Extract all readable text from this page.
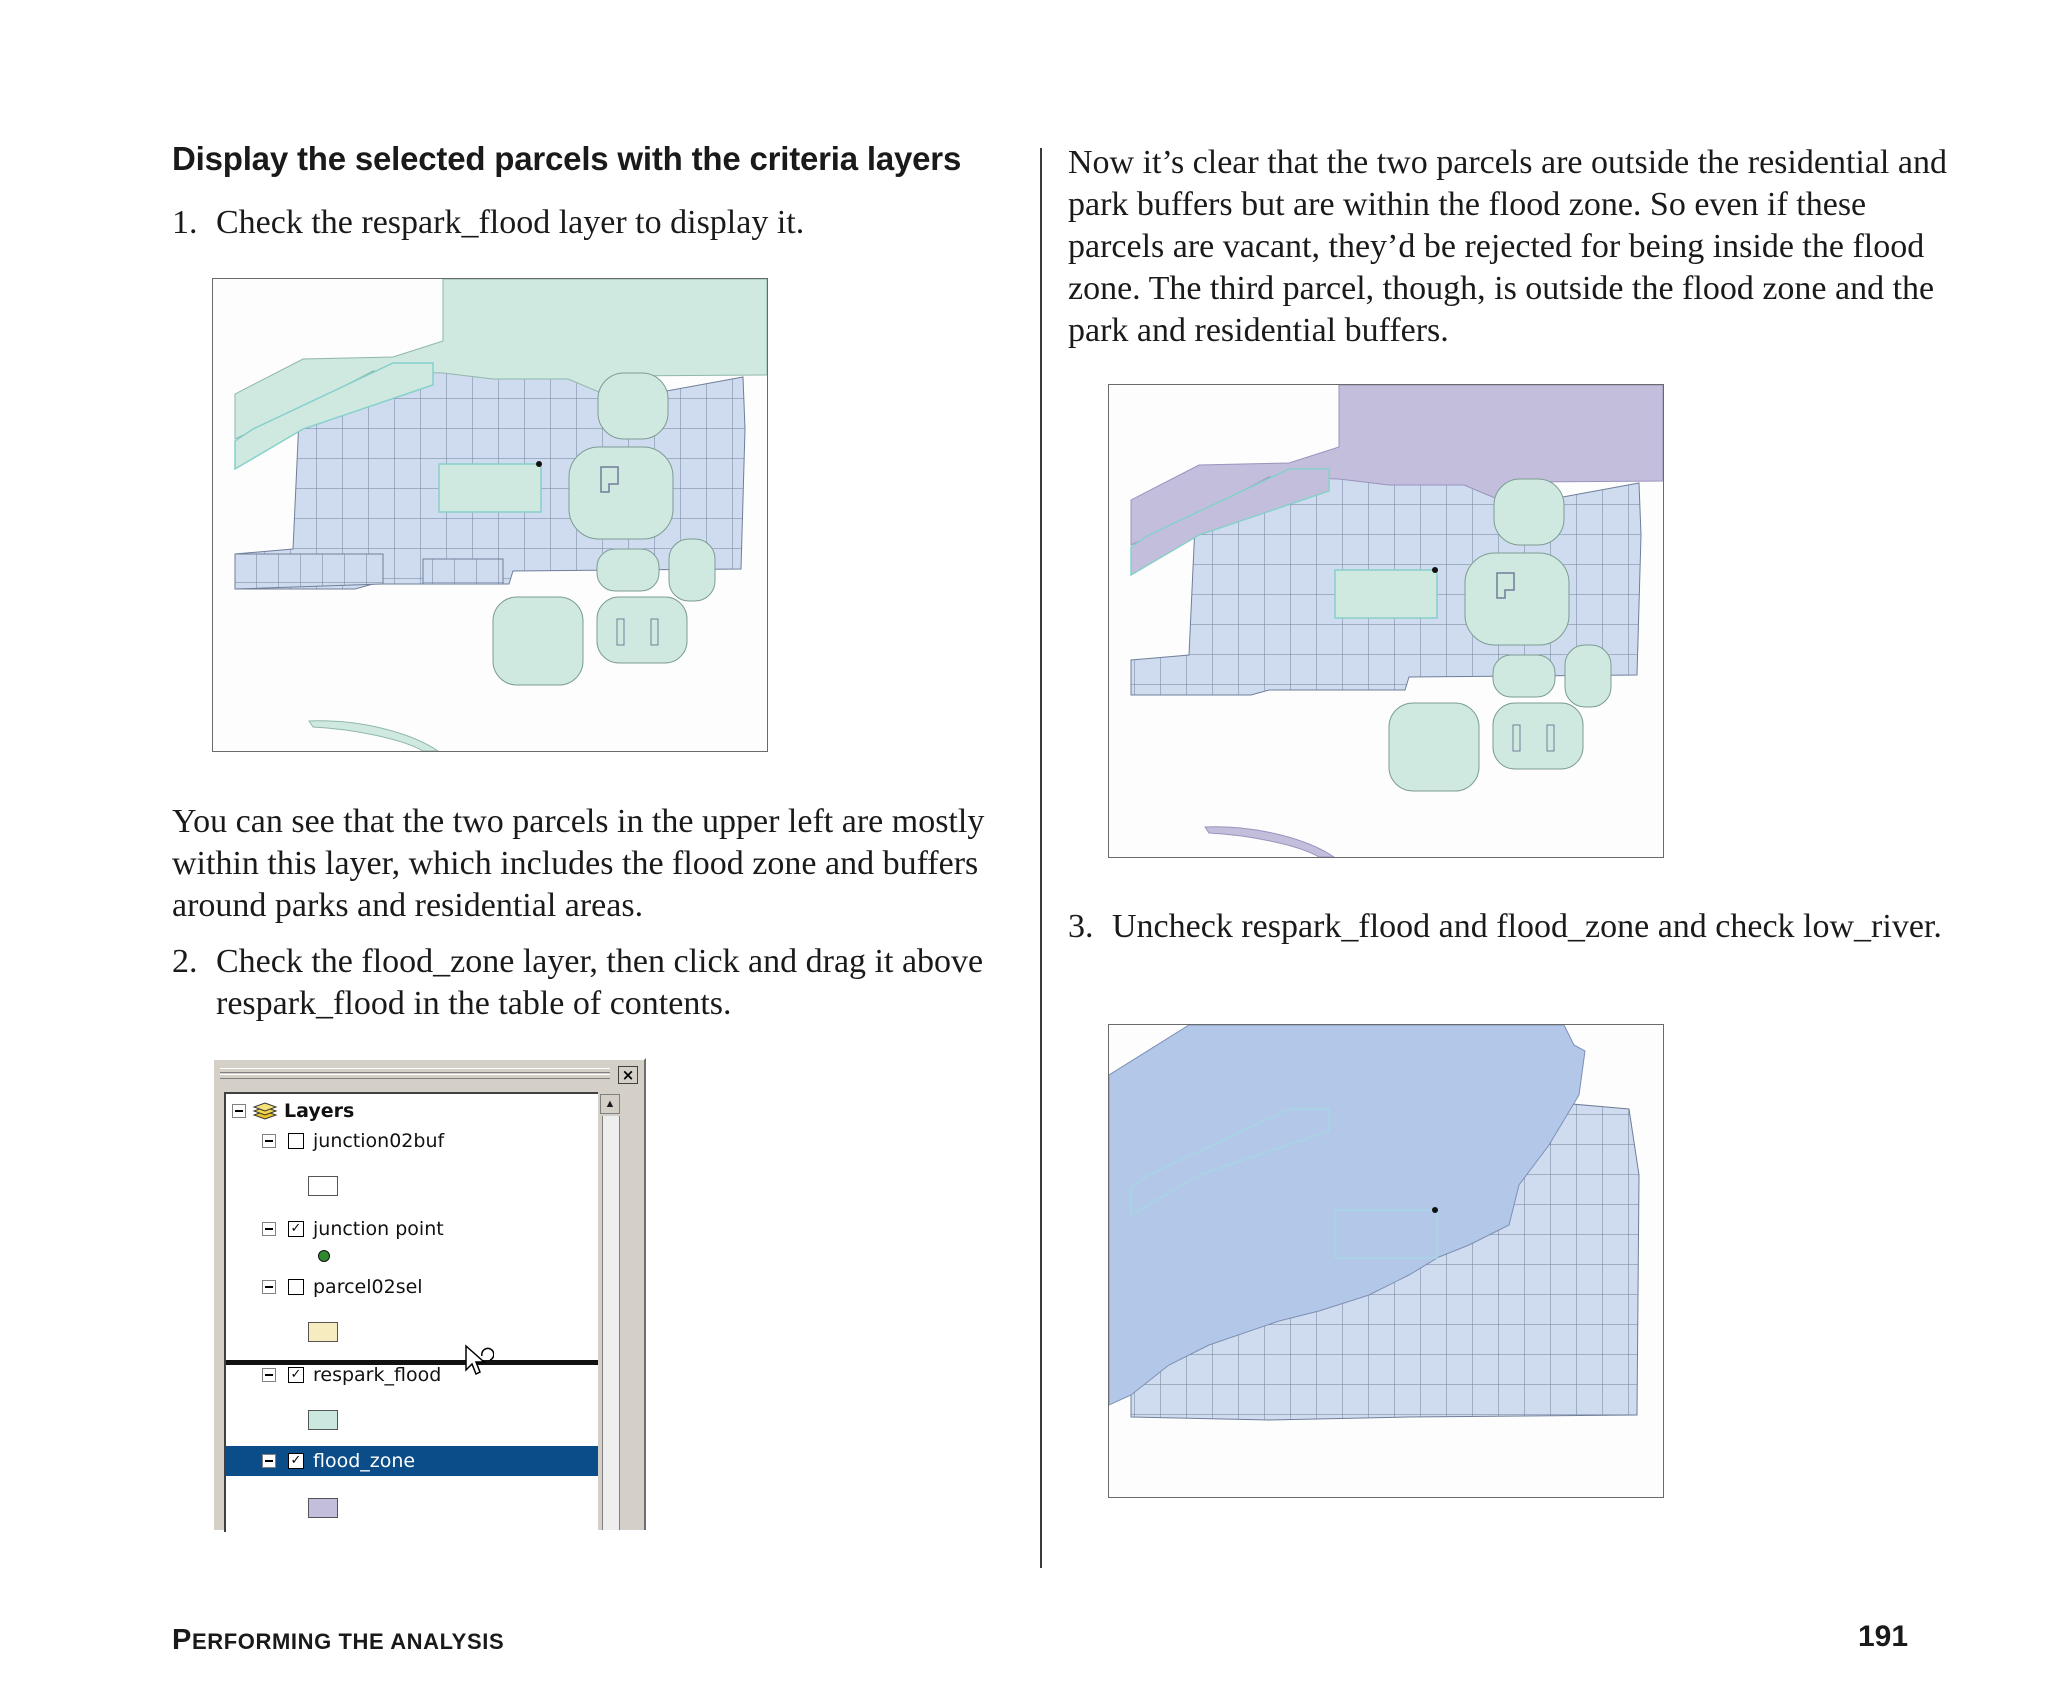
Display the selected parcels with the criteria layers
1. Check the respark_flood layer to display it.
You can see that the two parcels in the upper left are mostly within this layer, which includes the flood zone and buffers around parks and residential areas.
2. Check the flood_zone layer, then click and drag it above respark_flood in the table of contents.
×
Layers
junction02buf
✓ junction point
parcel02sel
✓ respark_flood
✓ flood_zone
▲
Now it’s clear that the two parcels are outside the residential and park buffers but are within the flood zone. So even if these parcels are vacant, they’d be rejected for being inside the flood zone. The third parcel, though, is outside the flood zone and the park and residential buffers.
3. Uncheck respark_flood and flood_zone and check low_river.
PERFORMING THE ANALYSIS	191
